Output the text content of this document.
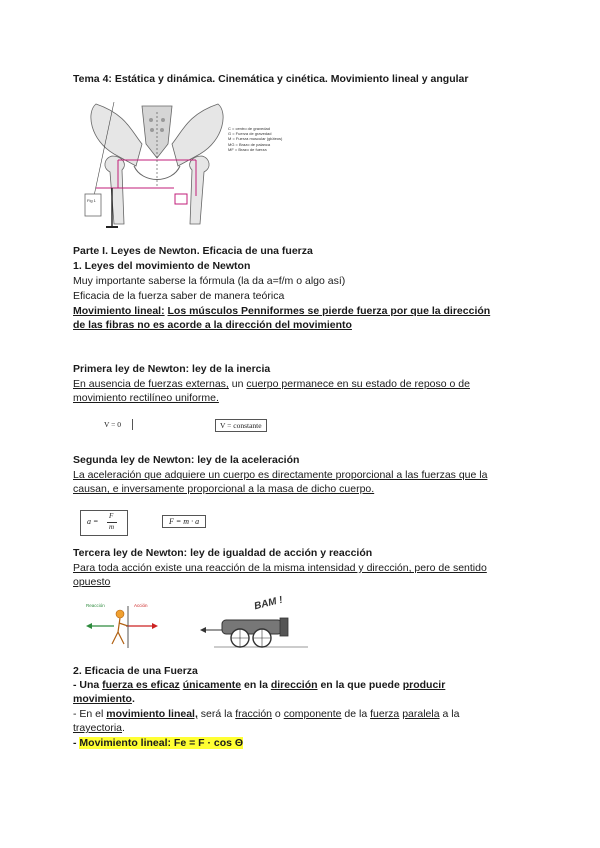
Tema 4: Estática y dinámica. Cinemática y cinética. Movimiento lineal y angular
Fig 1
C = centro de gravedad
G = Fuerza de gravedad
M = Fuerza muscular (glúteos)
MG = Brazo de palanca
MF = Brazo de fuerza
Parte I. Leyes de Newton. Eficacia de una fuerza
1. Leyes del movimiento de Newton
Muy importante saberse la fórmula (la da a=f/m o algo así)
Eficacia de la fuerza saber de manera teórica
Movimiento lineal: Los músculos Penniformes se pierde fuerza por que la dirección
de las fibras no es acorde a la dirección del movimiento
Primera ley de Newton: ley de la inercia
En ausencia de fuerzas externas, un cuerpo permanece en su estado de reposo o de
movimiento rectilíneo uniforme.
V = 0	V = constante
Segunda ley de Newton: ley de la aceleración
La aceleración que adquiere un cuerpo es directamente proporcional a las fuerzas que la
causan, e inversamente proporcional a la masa de dicho cuerpo.
a =
F
m
F = m · a
Tercera ley de Newton: ley de igualdad de acción y reacción
Para toda acción existe una reacción de la misma intensidad y dirección, pero de sentido
opuesto
Reacción	Acción	BAM !
2. Eficacia de una Fuerza
- Una fuerza es eficaz únicamente en la dirección en la que puede producir
movimiento.
- En el movimiento lineal, será la fracción o componente de la fuerza paralela a la
trayectoria.
- Movimiento lineal: Fe = F · cos Θ
